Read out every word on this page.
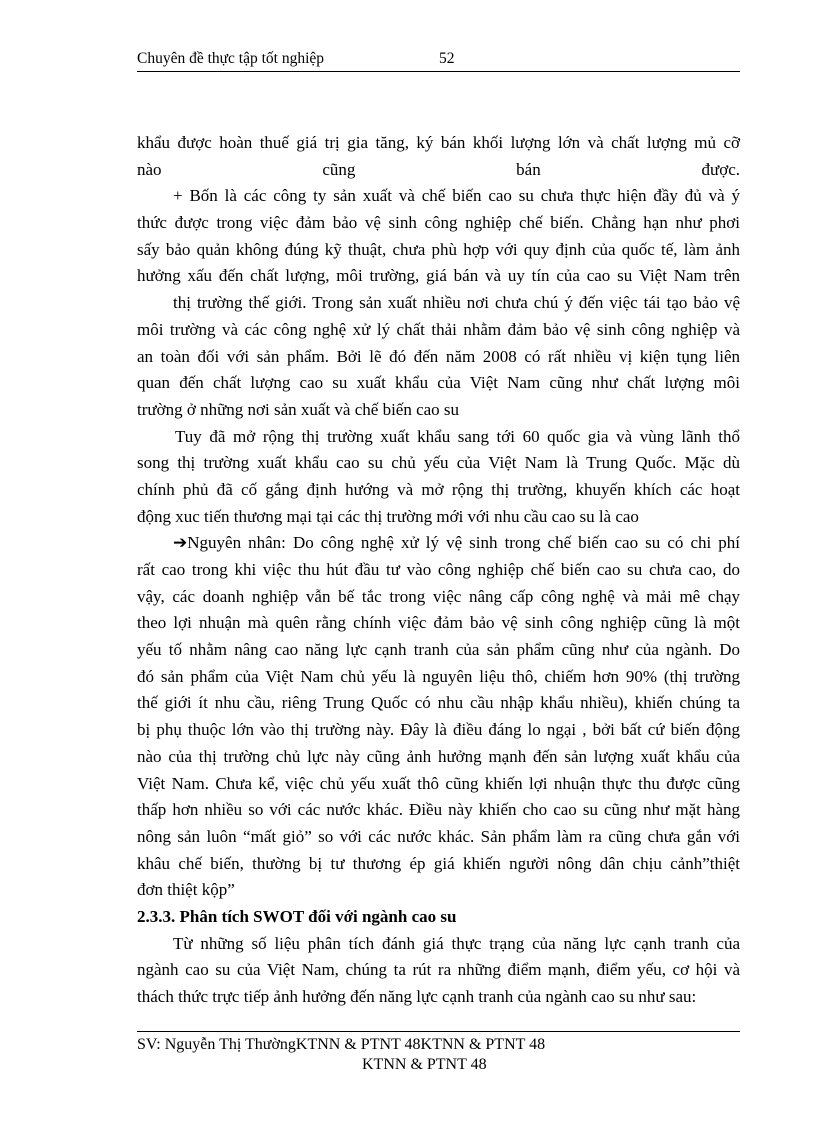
Chuyên đề thực tập tốt nghiệp	52
khẩu được hoàn thuế giá trị gia tăng, ký bán khối lượng lớn và chất lượng mủ cỡ
nào	cũng	bán	được.
+ Bốn là các công ty sản xuất và chế biến cao su chưa thực hiện đầy đủ và ý
thức được trong việc đảm bảo vệ sinh công nghiệp chế biến. Chẳng hạn như phơi
sấy bảo quản không đúng kỹ thuật, chưa phù hợp với quy định của quốc tế, làm ảnh
hưởng xấu đến chất lượng, môi trường, giá bán và uy tín của cao su Việt Nam trên
thị trường thế giới. Trong sản xuất nhiều nơi chưa chú ý đến việc tái tạo bảo vệ
môi trường và các công nghệ xử lý chất thải nhằm đảm bảo vệ sinh công nghiệp và
an toàn đối với sản phẩm. Bởi lẽ đó đến năm 2008 có rất nhiều vị kiện tụng liên
quan đến chất lượng cao su xuất khẩu của Việt Nam cũng như chất lượng môi
trường ở những nơi sản xuất và chế biến cao su
Tuy đã mở rộng thị trường xuất khẩu sang tới 60 quốc gia và vùng lãnh thổ
song thị trường xuất khẩu cao su chủ yếu của Việt Nam là Trung Quốc. Mặc dù
chính phủ đã cố gắng định hướng và mở rộng thị trường, khuyến khích các hoạt
động xuc tiến thương mại tại các thị trường mới với nhu cầu cao su là cao
➔Nguyên nhân: Do công nghệ xử lý vệ sinh trong chế biến cao su có chi phí
rất cao trong khi việc thu hút đầu tư vào công nghiệp chế biến cao su chưa cao, do
vậy, các doanh nghiệp vẫn bế tắc trong việc nâng cấp công nghệ và mải mê chạy
theo lợi nhuận mà quên rằng chính việc đảm bảo vệ sinh công nghiệp cũng là một
yếu tố nhằm nâng cao năng lực cạnh tranh của sản phẩm cũng như của ngành. Do
đó sản phẩm của Việt Nam chủ yếu là nguyên liệu thô, chiếm hơn 90% (thị trường
thế giới ít nhu cầu, riêng Trung Quốc có nhu cầu nhập khẩu nhiều), khiến chúng ta
bị phụ thuộc lớn vào thị trường này. Đây là điều đáng lo ngại , bởi bất cứ biến động
nào của thị trường chủ lực này cũng ảnh hưởng mạnh đến sản lượng xuất khẩu của
Việt Nam. Chưa kể, việc chủ yếu xuất thô cũng khiến lợi nhuận thực thu được cũng
thấp hơn nhiều so với các nước khác. Điều này khiến cho cao su cũng như mặt hàng
nông sản luôn “mất giỏ” so với các nước khác. Sản phẩm làm ra cũng chưa gắn với
khâu chế biến, thường bị tư thương ép giá khiến người nông dân chịu cảnh”thiệt
đơn thiệt kộp”
2.3.3. Phân tích SWOT đối với ngành cao su
Từ những số liệu phân tích đánh giá thực trạng của năng lực cạnh tranh của
ngành cao su của Việt Nam, chúng ta rút ra những điểm mạnh, điểm yếu, cơ hội và
thách thức trực tiếp ảnh hưởng đến năng lực cạnh tranh của ngành cao su như sau:
SV: Nguyễn Thị ThườngKTNN & PTNT 48KTNN & PTNT 48
KTNN & PTNT 48
